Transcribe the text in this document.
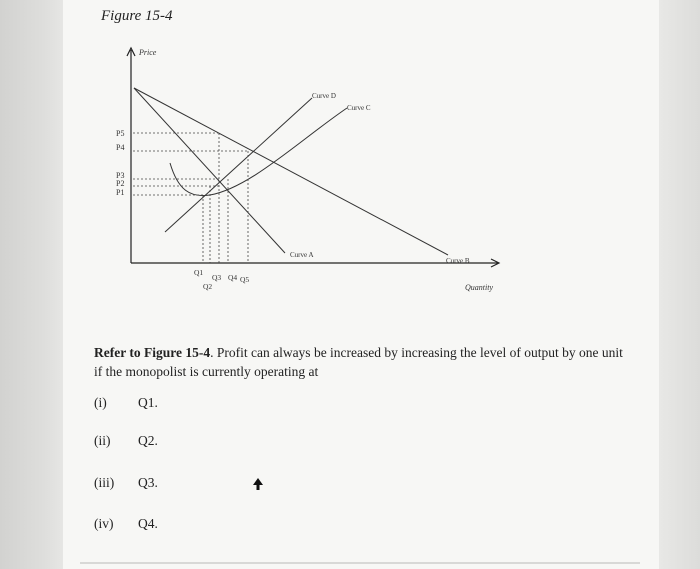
Figure 15-4
Price
Quantity
P5
P4
P3
P2
P1
Q1
Q2
Q3 Q4 Q5
Curve D
Curve C
Curve A
Curve B
Refer to Figure 15-4. Profit can always be increased by increasing the level of output by one unit if the monopolist is currently operating at
(i) Q1.
(ii) Q2.
(iii) Q3.
(iv) Q4.
